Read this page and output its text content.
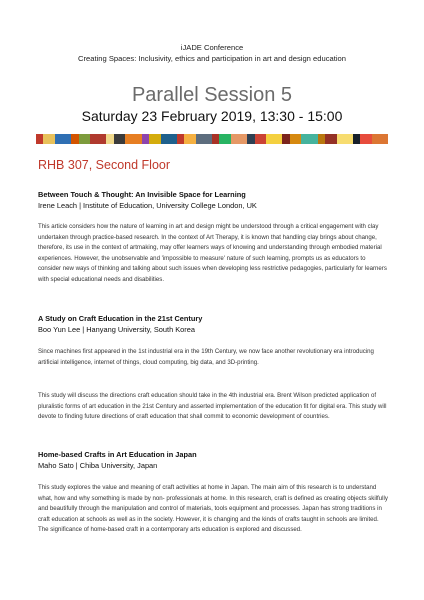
iJADE Conference
Creating Spaces: Inclusivity, ethics and participation in art and design education
Parallel Session 5
Saturday 23 February 2019, 13:30 - 15:00
RHB 307, Second Floor
Between Touch & Thought: An Invisible Space for Learning
Irene Leach | Institute of Education, University College London, UK
This article considers how the nature of learning in art and design might be understood through a critical engagement with clay undertaken through practice-based research. In the context of Art Therapy, it is known that handling clay brings about change, therefore, its use in the context of artmaking, may offer learners ways of knowing and understanding through embodied material experiences. However, the unobservable and 'impossible to measure' nature of such learning, prompts us as educators to consider new ways of thinking and talking about such issues when developing less restrictive pedagogies, particularly for learners with special educational needs and disabilities.
A Study on Craft Education in the 21st Century
Boo Yun Lee | Hanyang University, South Korea
Since machines first appeared in the 1st industrial era in the 19th Century, we now face another revolutionary era introducing artificial intelligence, internet of things, cloud computing, big data, and 3D-printing.
This study will discuss the directions craft education should take in the 4th industrial era. Brent Wilson predicted application of pluralistic forms of art education in the 21st Century and asserted implementation of the education fit for digital era. This study will devote to finding future directions of craft education that shall commit to economic development of countries.
Home-based Crafts in Art Education in Japan
Maho Sato | Chiba University, Japan
This study explores the value and meaning of craft activities at home in Japan. The main aim of this research is to understand what, how and why something is made by non- professionals at home. In this research, craft is defined as creating objects skilfully and beautifully through the manipulation and control of materials, tools equipment and processes. Japan has strong traditions in craft education at schools as well as in the society. However, it is changing and the kinds of crafts taught in schools are limited. The significance of home-based craft in a contemporary arts education is explored and discussed.
